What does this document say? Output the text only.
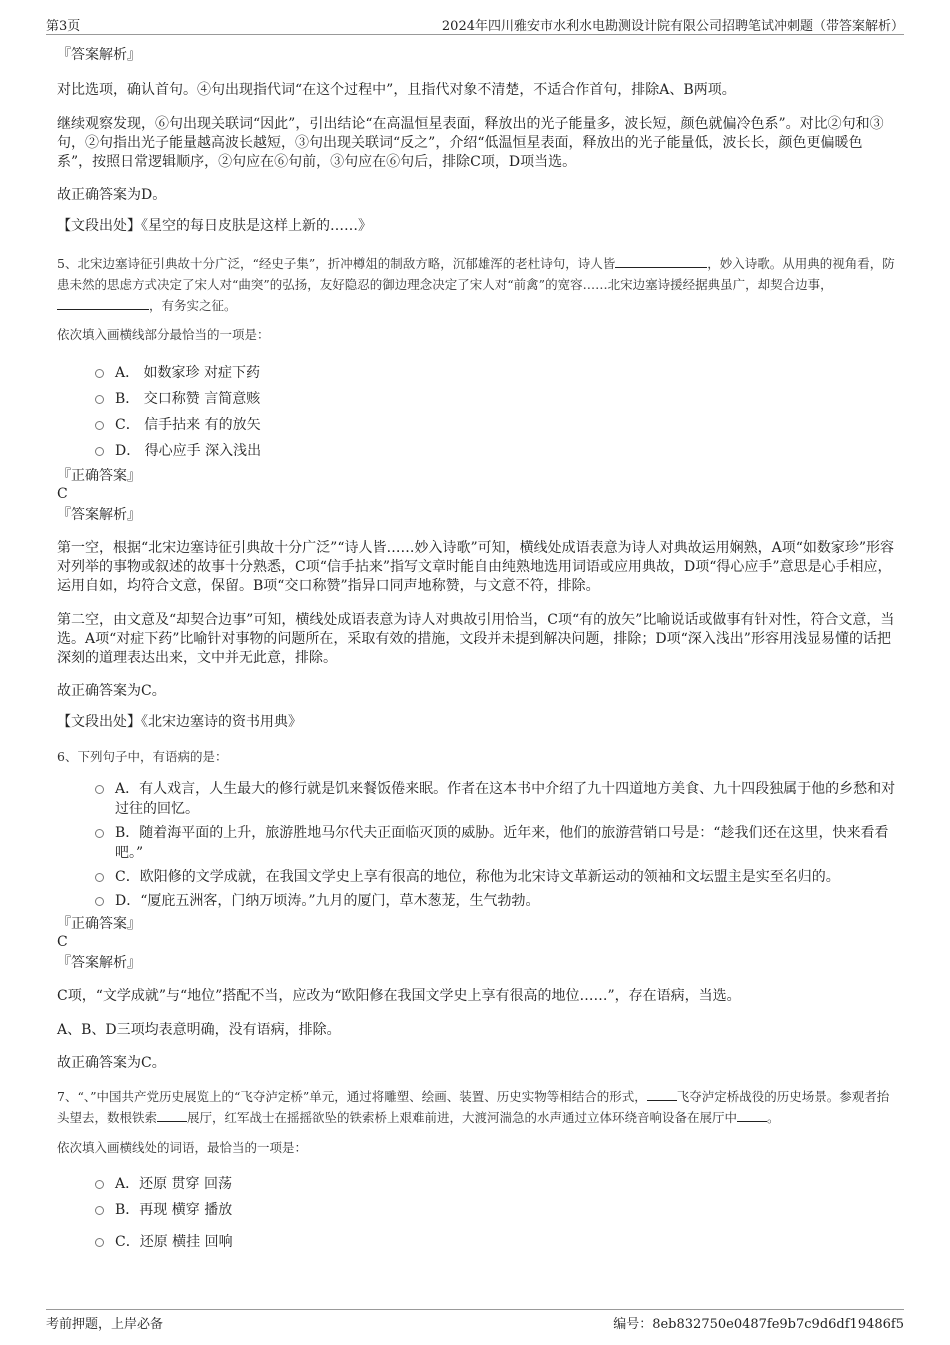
第3页	2024年四川雅安市水利水电勘测设计院有限公司招聘笔试冲刺题（带答案解析）

『答案解析』

对比选项，确认首句。④句出现指代词“在这个过程中”，且指代对象不清楚，不适合作首句，排除A、B两项。

继续观察发现，⑥句出现关联词“因此”，引出结论“在高温恒星表面，释放出的光子能量多，波长短，颜色就偏冷色系”。对比②句和③句，②句指出光子能量越高波长越短，③句出现关联词“反之”，介绍“低温恒星表面，释放出的光子能量低，波长长，颜色更偏暖色系”，按照日常逻辑顺序，②句应在⑥句前，③句应在⑥句后，排除C项，D项当选。

故正确答案为D。

【文段出处】《星空的每日皮肤是这样上新的……》

5、北宋边塞诗征引典故十分广泛，“经史子集”，折冲樽俎的制敌方略，沉郁雄浑的老杜诗句，诗人皆	，妙入诗歌。从用典的视角看，防患未然的思虑方式决定了宋人对“曲突”的弘扬，友好隐忍的御边理念决定了宋人对“前禽”的宽容……北宋边塞诗援经据典虽广，却契合边事，，有务实之征。

依次填入画横线部分最恰当的一项是：

A． 如数家珍 对症下药
B． 交口称赞 言简意赅
C． 信手拈来 有的放矢
D． 得心应手 深入浅出

『正确答案』

C

『答案解析』

第一空，根据“北宋边塞诗征引典故十分广泛”“诗人皆……妙入诗歌”可知，横线处成语表意为诗人对典故运用娴熟，A项“如数家珍”形容对列举的事物或叙述的故事十分熟悉，C项“信手拈来”指写文章时能自由纯熟地选用词语或应用典故，D项“得心应手”意思是心手相应，运用自如，均符合文意，保留。B项“交口称赞”指异口同声地称赞，与文意不符，排除。

第二空，由文意及“却契合边事”可知，横线处成语表意为诗人对典故引用恰当，C项“有的放矢”比喻说话或做事有针对性，符合文意，当选。A项“对症下药”比喻针对事物的问题所在，采取有效的措施，文段并未提到解决问题，排除；D项“深入浅出”形容用浅显易懂的话把深刻的道理表达出来，文中并无此意，排除。

故正确答案为C。

【文段出处】《北宋边塞诗的资书用典》

6、下列句子中，有语病的是：

A．有人戏言，人生最大的修行就是饥来餐饭倦来眠。作者在这本书中介绍了九十四道地方美食、九十四段独属于他的乡愁和对过往的回忆。
B．随着海平面的上升，旅游胜地马尔代夫正面临灭顶的威胁。近年来，他们的旅游营销口号是：“趁我们还在这里，快来看看吧。”
C．欧阳修的文学成就，在我国文学史上享有很高的地位，称他为北宋诗文革新运动的领袖和文坛盟主是实至名归的。
D．“厦庇五洲客，门纳万顷涛。”九月的厦门，草木葱茏，生气勃勃。

『正确答案』

C

『答案解析』

C项，“文学成就”与“地位”搭配不当，应改为“欧阳修在我国文学史上享有很高的地位……”，存在语病，当选。

A、B、D三项均表意明确，没有语病，排除。

故正确答案为C。

7、“、”中国共产党历史展览上的“飞夺泸定桥”单元，通过将雕塑、绘画、装置、历史实物等相结合的形式， 飞夺泸定桥战役的历史场景。参观者抬头望去，数根铁索 展厅，红军战士在摇摇欲坠的铁索桥上艰难前进，大渡河湍急的水声通过立体环绕音响设备在展厅中 。

依次填入画横线处的词语，最恰当的一项是：

A．还原 贯穿 回荡
B．再现 横穿 播放
C．还原 横挂 回响
考前押题，上岸必备	编号：8eb832750e0487fe9b7c9d6df19486f5
